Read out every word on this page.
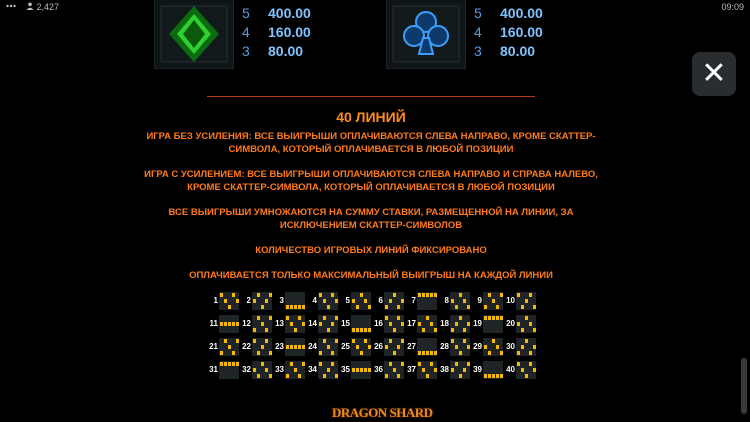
2,427	09:09
5	400.00
4	160.00
3	80.00
5	400.00
4	160.00
3	80.00
✕
40 ЛИНИЙ
ИГРА БЕЗ УСИЛЕНИЯ: ВСЕ ВЫИГРЫШИ ОПЛАЧИВАЮТСЯ СЛЕВА НАПРАВО, КРОМЕ СКАТТЕР-СИМВОЛА, КОТОРЫЙ ОПЛАЧИВАЕТСЯ В ЛЮБОЙ ПОЗИЦИИ
ИГРА С УСИЛЕНИЕМ: ВСЕ ВЫИГРЫШИ ОПЛАЧИВАЮТСЯ СЛЕВА НАПРАВО И СПРАВА НАЛЕВО, КРОМЕ СКАТТЕР-СИМВОЛА, КОТОРЫЙ ОПЛАЧИВАЕТСЯ В ЛЮБОЙ ПОЗИЦИИ
ВСЕ ВЫИГРЫШИ УМНОЖАЮТСЯ НА СУММУ СТАВКИ, РАЗМЕЩЕННОЙ НА ЛИНИИ, ЗА ИСКЛЮЧЕНИЕМ СКАТТЕР-СИМВОЛОВ
КОЛИЧЕСТВО ИГРОВЫХ ЛИНИЙ ФИКСИРОВАНО
ОПЛАЧИВАЕТСЯ ТОЛЬКО МАКСИМАЛЬНЫЙ ВЫИГРЫШ НА КАЖДОЙ ЛИНИИ
1	2	3	4	5	6	7	8	9	10
11	12	13	14	15	16	17	18	19	20
21	22	23	24	25	26	27	28	29	30
31	32	33	34	35	36	37	38	39	40
DRAGON SHARD
